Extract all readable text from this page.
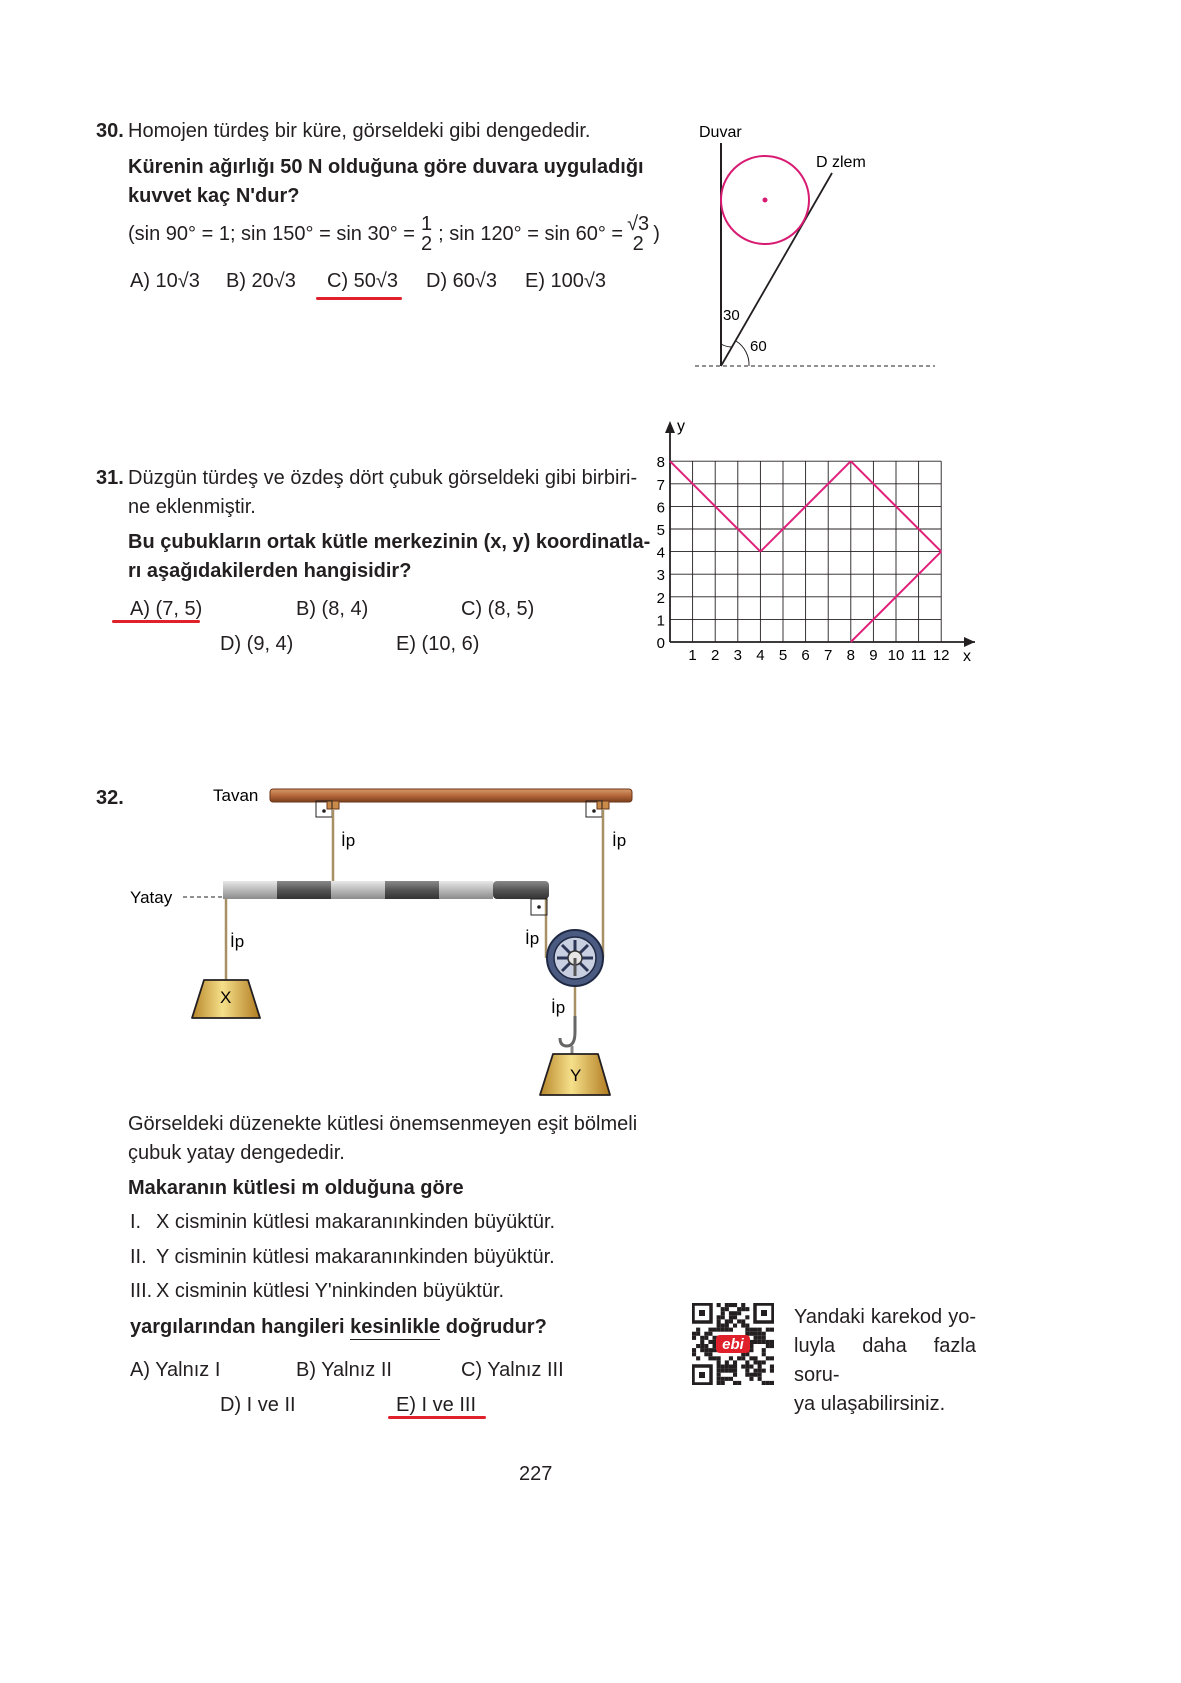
30. Homojen türdeş bir küre, görseldeki gibi dengededir.
Kürenin ağırlığı 50 N olduğuna göre duvara uyguladığı
kuvvet kaç N'dur?
(sin 90° = 1; sin 150° = sin 30° = 1
2 ; sin 120° = sin 60° = √3
2 )
A) 10√3 B) 20√3 C) 50√3 D) 60√3 E) 100√3
Duvar
D zlem
30
60
31. Düzgün türdeş ve özdeş dört çubuk görseldeki gibi birbiri-
ne eklenmiştir.
Bu çubukların ortak kütle merkezinin (x, y) koordinatla-
rı aşağıdakilerden hangisidir?
A) (7, 5)	B) (8, 4)	C) (8, 5)
D) (9, 4)	E) (10, 6)
y
x
1 2 3 4 5 6 7 8 9 10 11 12
0
1
2
3
4
5
6
7
8
32.	Tavan
İp	İp
İp	İp
İp
Yatay
X
Y
Görseldeki düzenekte kütlesi önemsenmeyen eşit bölmeli
çubuk yatay dengededir.
Makaranın kütlesi m olduğuna göre
I. X cisminin kütlesi makaranınkinden büyüktür.
II. Y cisminin kütlesi makaranınkinden büyüktür.
III. X cisminin kütlesi Y'ninkinden büyüktür.
yargılarından hangileri kesinlikle doğrudur?
A) Yalnız I	B) Yalnız II	C) Yalnız III
D) I ve II	E) I ve III
ebi
Yandaki karekod yo-
luyla daha fazla soru-
ya ulaşabilirsiniz.
227
